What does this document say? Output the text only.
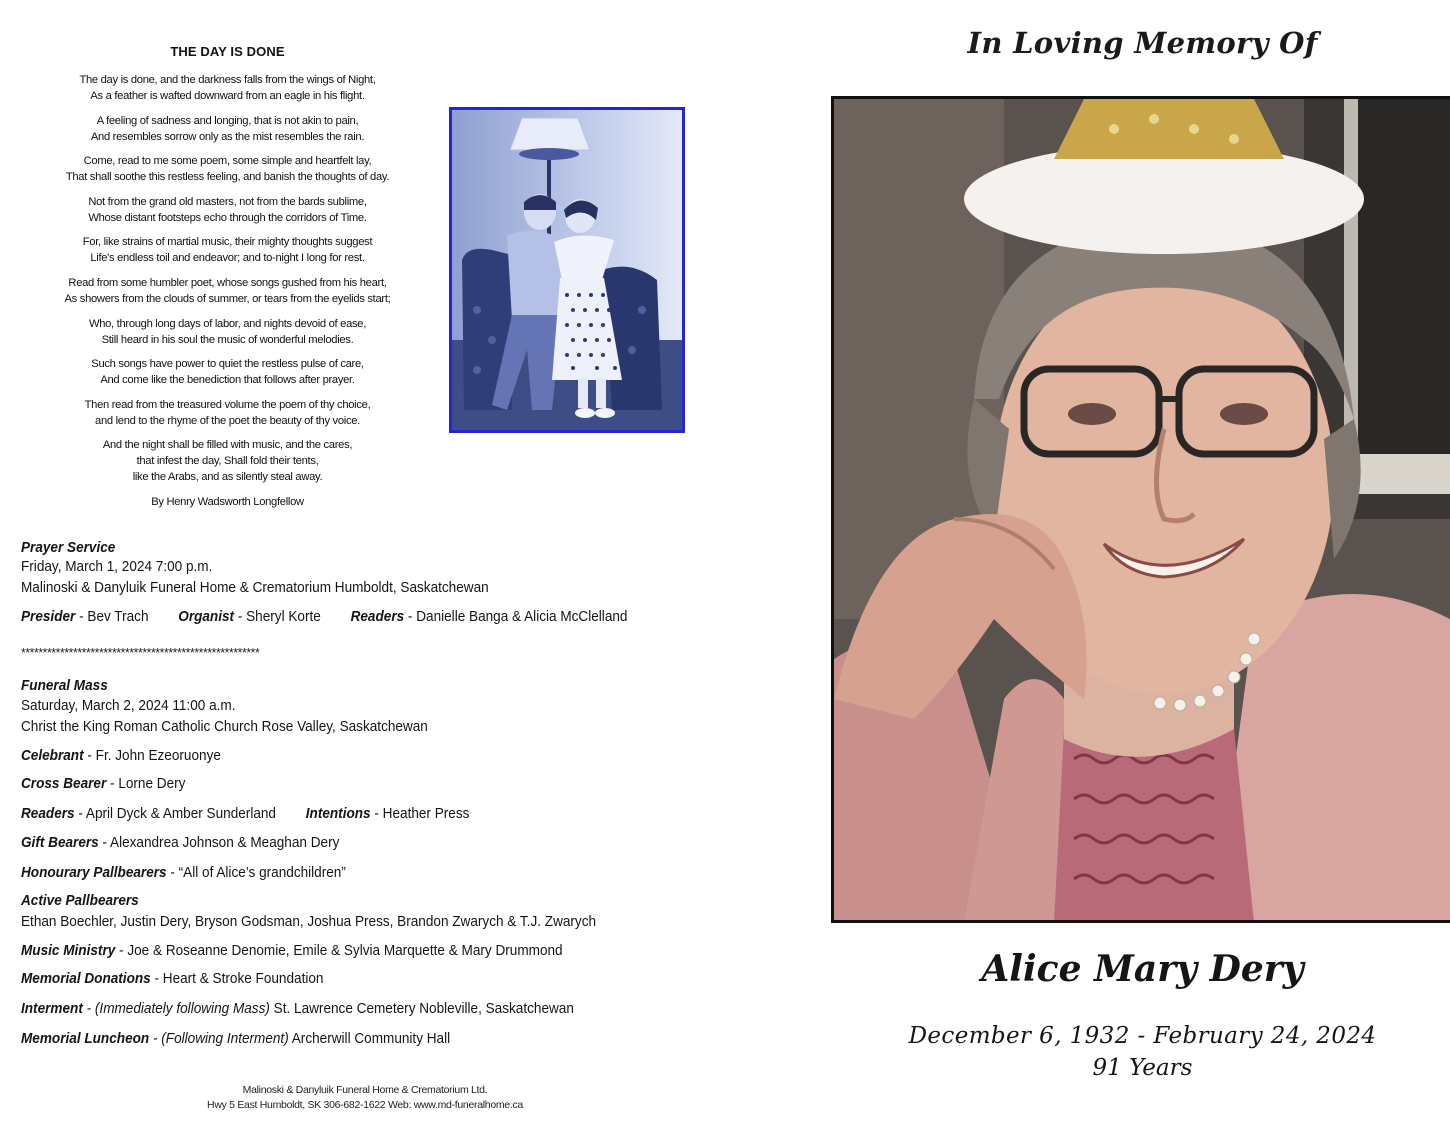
THE DAY IS DONE
The day is done, and the darkness falls from the wings of Night,
As a feather is wafted downward from an eagle in his flight.
A feeling of sadness and longing, that is not akin to pain,
And resembles sorrow only as the mist resembles the rain.
Come, read to me some poem, some simple and heartfelt lay,
That shall soothe this restless feeling, and banish the thoughts of day.
Not from the grand old masters, not from the bards sublime,
Whose distant footsteps echo through the corridors of Time.
For, like strains of martial music, their mighty thoughts suggest
Life's endless toil and endeavor; and to-night I long for rest.
Read from some humbler poet, whose songs gushed from his heart,
As showers from the clouds of summer, or tears from the eyelids start;
Who, through long days of labor, and nights devoid of ease,
Still heard in his soul the music of wonderful melodies.
Such songs have power to quiet the restless pulse of care,
And come like the benediction that follows after prayer.
Then read from the treasured volume the poem of thy choice,
and lend to the rhyme of the poet the beauty of thy voice.
And the night shall be filled with music, and the cares,
that infest the day, Shall fold their tents,
like the Arabs, and as silently steal away.
By Henry Wadsworth Longfellow
Prayer Service
Friday, March 1, 2024 7:00 p.m.
Malinoski & Danyluik Funeral Home & Crematorium Humboldt, Saskatchewan
Presider - Bev Trach Organist - Sheryl Korte Readers - Danielle Banga & Alicia McClelland
*******************************************************
Funeral Mass
Saturday, March 2, 2024 11:00 a.m.
Christ the King Roman Catholic Church Rose Valley, Saskatchewan
Celebrant - Fr. John Ezeoruonye
Cross Bearer - Lorne Dery
Readers - April Dyck & Amber Sunderland Intentions - Heather Press
Gift Bearers - Alexandrea Johnson & Meaghan Dery
Honourary Pallbearers - “All of Alice’s grandchildren”
Active Pallbearers
Ethan Boechler, Justin Dery, Bryson Godsman, Joshua Press, Brandon Zwarych & T.J. Zwarych
Music Ministry - Joe & Roseanne Denomie, Emile & Sylvia Marquette & Mary Drummond
Memorial Donations - Heart & Stroke Foundation
Interment - (Immediately following Mass) St. Lawrence Cemetery Nobleville, Saskatchewan
Memorial Luncheon - (Following Interment) Archerwill Community Hall
Malinoski & Danyluik Funeral Home & Crematorium Ltd.
Hwy 5 East Humboldt, SK 306-682-1622 Web: www.md-funeralhome.ca
In Loving Memory Of
Alice Mary Dery
December 6, 1932 - February 24, 2024
91 Years
